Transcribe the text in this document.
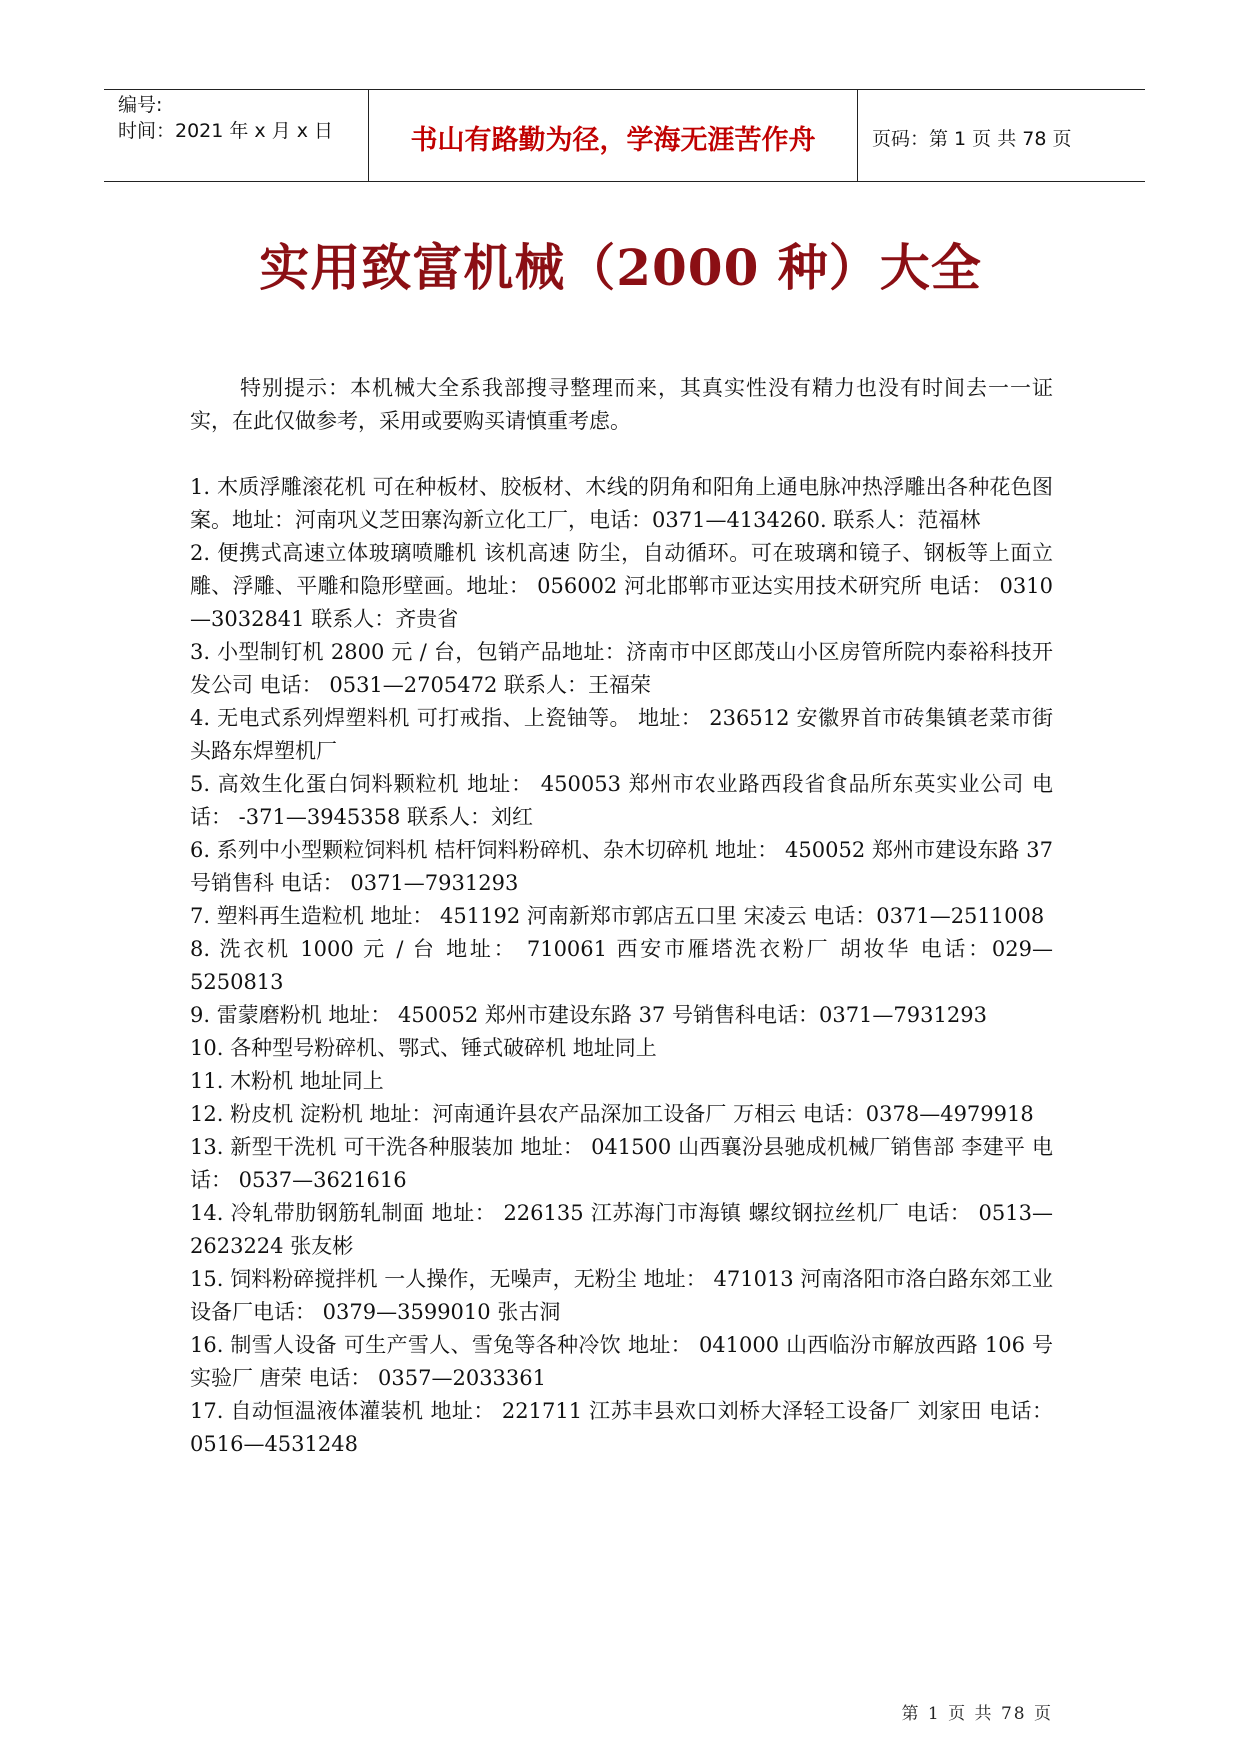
编号:
时间：2021 年 x 月 x 日	书山有路勤为径，学海无涯苦作舟	页码：第 1 页 共 78 页
实用致富机械（2000 种）大全

特别提示：本机械大全系我部搜寻整理而来，其真实性没有精力也没有时间去一一证实，在此仅做参考，采用或要购买请慎重考虑。

1. 木质浮雕滚花机 可在种板材、胶板材、木线的阴角和阳角上通电脉冲热浮雕出各种花色图案。地址：河南巩义芝田寨沟新立化工厂，电话：0371—4134260. 联系人：范福林

2. 便携式高速立体玻璃喷雕机 该机高速 防尘，自动循环。可在玻璃和镜子、钢板等上面立雕、浮雕、平雕和隐形壁画。地址： 056002 河北邯郸市亚达实用技术研究所 电话： 0310—3032841 联系人：齐贵省

3. 小型制钉机 2800 元 / 台，包销产品地址：济南市中区郎茂山小区房管所院内泰裕科技开发公司 电话： 0531—2705472 联系人：王福荣

4. 无电式系列焊塑料机 可打戒指、上瓷铀等。 地址： 236512 安徽界首市砖集镇老菜市街头路东焊塑机厂

5. 高效生化蛋白饲料颗粒机 地址： 450053 郑州市农业路西段省食品所东英实业公司 电话： -371—3945358 联系人：刘红

6. 系列中小型颗粒饲料机 桔杆饲料粉碎机、杂木切碎机 地址： 450052 郑州市建设东路 37 号销售科 电话： 0371—7931293

7. 塑料再生造粒机 地址： 451192 河南新郑市郭店五口里 宋凌云 电话：0371—2511008

8. 洗衣机 1000 元 / 台 地址： 710061 西安市雁塔洗衣粉厂 胡妆华 电话：029—5250813

9. 雷蒙磨粉机 地址： 450052 郑州市建设东路 37 号销售科电话：0371—7931293

10. 各种型号粉碎机、鄂式、锤式破碎机 地址同上

11. 木粉机 地址同上

12. 粉皮机 淀粉机 地址：河南通许县农产品深加工设备厂 万相云 电话：0378—4979918

13. 新型干洗机 可干洗各种服装加 地址： 041500 山西襄汾县驰成机械厂销售部 李建平 电话： 0537—3621616

14. 冷轧带肋钢筋轧制面 地址： 226135 江苏海门市海镇 螺纹钢拉丝机厂 电话： 0513—2623224 张友彬

15. 饲料粉碎搅拌机 一人操作，无噪声，无粉尘 地址： 471013 河南洛阳市洛白路东郊工业设备厂电话： 0379—3599010 张古洞

16. 制雪人设备 可生产雪人、雪兔等各种冷饮 地址： 041000 山西临汾市解放西路 106 号实验厂 唐荣 电话： 0357—2033361

17. 自动恒温液体灌装机 地址： 221711 江苏丰县欢口刘桥大泽轻工设备厂 刘家田 电话： 0516—4531248

第 1 页 共 78 页
